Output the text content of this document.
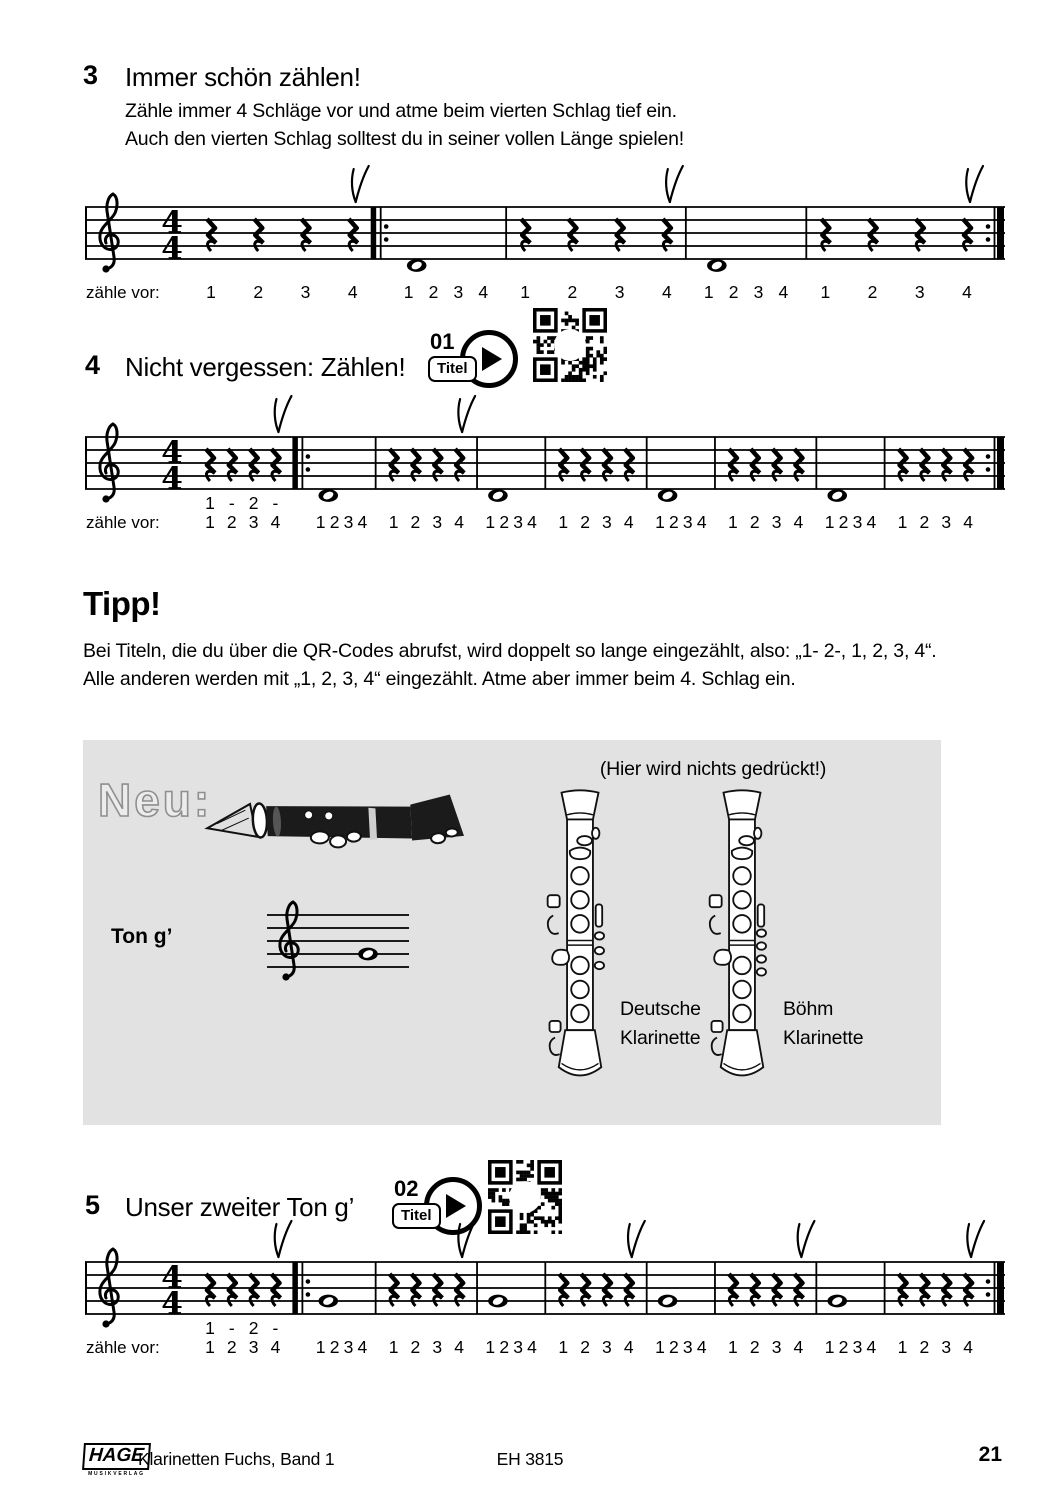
3 Immer schön zählen!
Zähle immer 4 Schläge vor und atme beim vierten Schlag tief ein.
Auch den vierten Schlag solltest du in seiner vollen Länge spielen!
4
4
zähle vor:	1 2 3 4	1 2 3 4 1 2 3 4 1 2 3 4 1 2 3 4
4 Nicht vergessen: Zählen!
01
Titel
4
4
zähle vor:	1
1
2
-
3
2
4
-
1 2 3 4 1 2 3 4 1 2 3 4 1 2 3 4 1 2 3 4 1 2 3 4 1 2 3 4 1 2 3 4
Tipp!
Bei Titeln, die du über die QR-Codes abrufst, wird doppelt so lange eingezählt, also: „1- 2-, 1, 2, 3, 4“.
Alle anderen werden mit „1, 2, 3, 4“ eingezählt. Atme aber immer beim 4. Schlag ein.
Neu:
(Hier wird nichts gedrückt!)
Ton g’
Deutsche
Klarinette
Böhm
Klarinette
5 Unser zweiter Ton g’
02
Titel
4
4
zähle vor:	1
1
2
-
3
2
4
-
1 2 3 4 1 2 3 4 1 2 3 4 1 2 3 4 1 2 3 4 1 2 3 4 1 2 3 4 1 2 3 4
HAGE
MUSIKVERLAG
Klarinetten Fuchs, Band 1	EH 3815	21
